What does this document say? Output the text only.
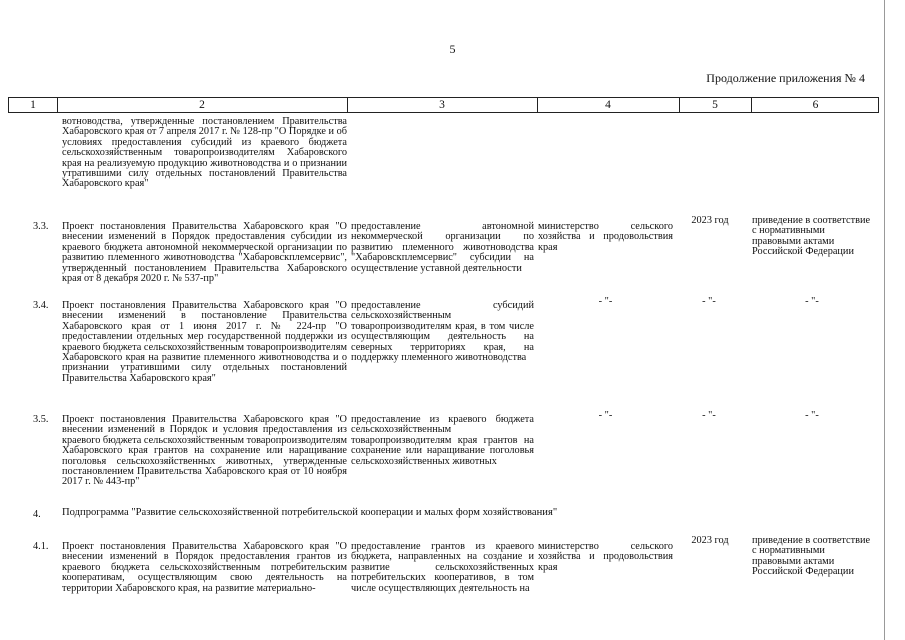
5
Продолжение приложения № 4
1	2	3	4	5	6
вотноводства, утвержденные постановлением Правительства Хабаровского края от 7 апреля 2017 г. № 128-пр "О Порядке и об условиях предоставления субсидий из краевого бюджета сельскохозяйственным товаропроизводителям Хабаровского края на реализуемую продукцию животноводства и о признании утратившими силу отдельных постановлений Правительства Хабаровского края"
3.3.	Проект постановления Правительства Хабаровского края "О внесении изменений в Порядок предоставления субсидии из краевого бюджета автономной некоммерческой организации по развитию племенного животноводства "Хабаровскплемсервис", утвержденный постановлением Правительства Хабаровского края от 8 декабря 2020 г. № 537-пр"
предоставление автономной некоммерческой организации по развитию племенного животноводства "Хабаровскплемсервис" субсидии на осуществление уставной деятельности
министерство сельского хозяйства и продовольствия края
2023 год	приведение в соответствие с нормативными правовыми актами Российской Федерации
3.4.	Проект постановления Правительства Хабаровского края "О внесении изменений в постановление Правительства Хабаровского края от 1 июня 2017 г. № 224-пр "О предоставлении отдельных мер государственной поддержки из краевого бюджета сельскохозяйственным товаропроизводителям Хабаровского края на развитие племенного животноводства и о признании утратившими силу отдельных постановлений Правительства Хабаровского края"
предоставление субсидий сельскохозяйственным товаропроизводителям края, в том числе осуществляющим деятельность на северных территориях края, на поддержку племенного животноводства
- "-	- "-	- "-
3.5.	Проект постановления Правительства Хабаровского края "О внесении изменений в Порядок и условия предоставления из краевого бюджета сельскохозяйственным товаропроизводителям Хабаровского края грантов на сохранение или наращивание поголовья сельскохозяйственных животных, утвержденные постановлением Правительства Хабаровского края от 10 ноября 2017 г. № 443-пр"
предоставление из краевого бюджета сельскохозяйственным товаропроизводителям края грантов на сохранение или наращивание поголовья сельскохозяйственных животных
- "-	- "-	- "-
4.	Подпрограмма "Развитие сельскохозяйственной потребительской кооперации и малых форм хозяйствования"
4.1.	Проект постановления Правительства Хабаровского края "О внесении изменений в Порядок предоставления грантов из краевого бюджета сельскохозяйственным потребительским кооперативам, осуществляющим свою деятельность на территории Хабаровского края, на развитие материально-
предоставление грантов из краевого бюджета, направленных на создание и развитие сельскохозяйственных потребительских кооперативов, в том числе осуществляющих деятельность на
министерство сельского хозяйства и продовольствия края
2023 год	приведение в соответствие с нормативными правовыми актами Российской Федерации
